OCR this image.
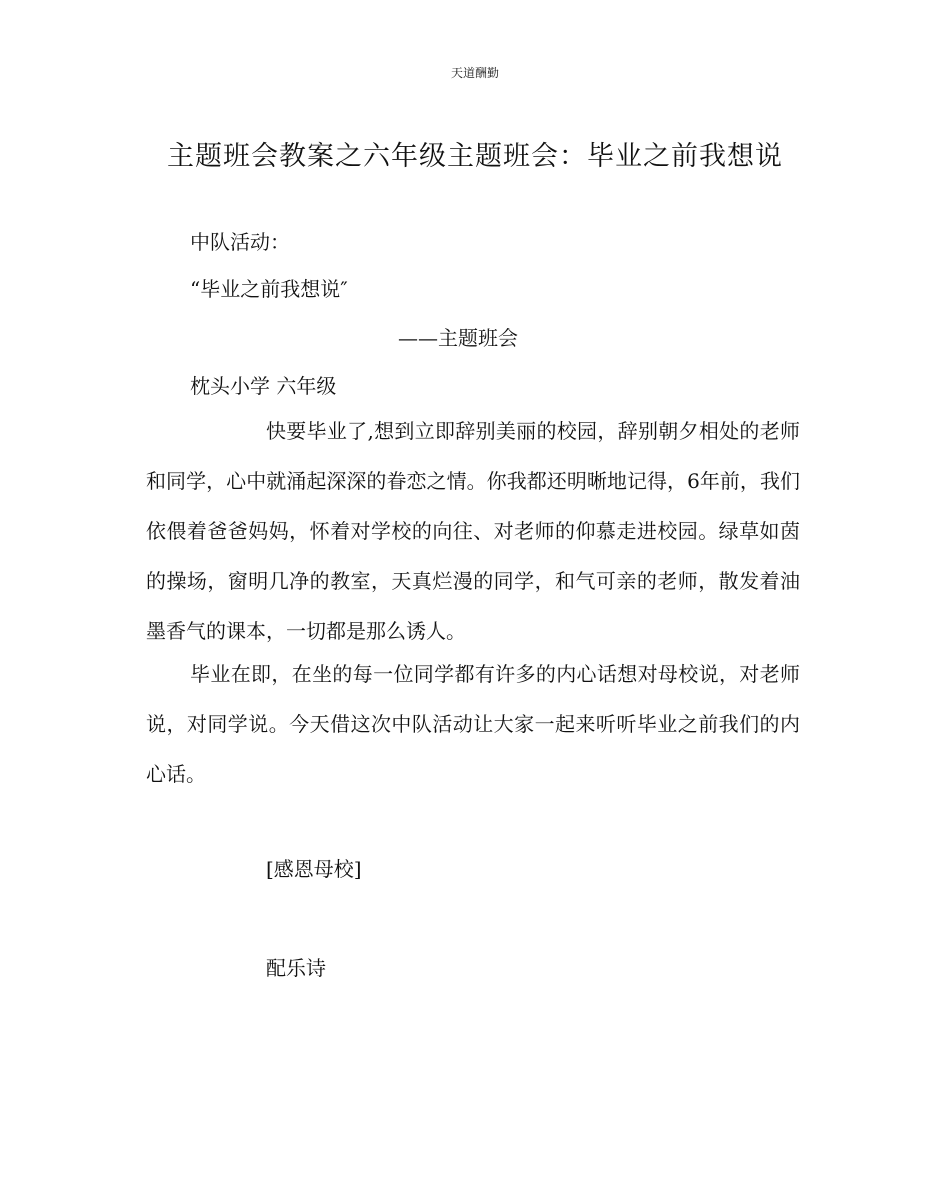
天道酬勤
主题班会教案之六年级主题班会：毕业之前我想说
中队活动：
“毕业之前我想说″
——主题班会
枕头小学 六年级
快要毕业了,想到立即辞别美丽的校园，辞别朝夕相处的老师和同学，心中就涌起深深的眷恋之情。你我都还明晰地记得，6年前，我们依偎着爸爸妈妈，怀着对学校的向往、对老师的仰慕走进校园。绿草如茵的操场，窗明几净的教室，天真烂漫的同学，和气可亲的老师，散发着油墨香气的课本，一切都是那么诱人。
毕业在即，在坐的每一位同学都有许多的内心话想对母校说，对老师说，对同学说。今天借这次中队活动让大家一起来听听毕业之前我们的内心话。
[感恩母校]
配乐诗
